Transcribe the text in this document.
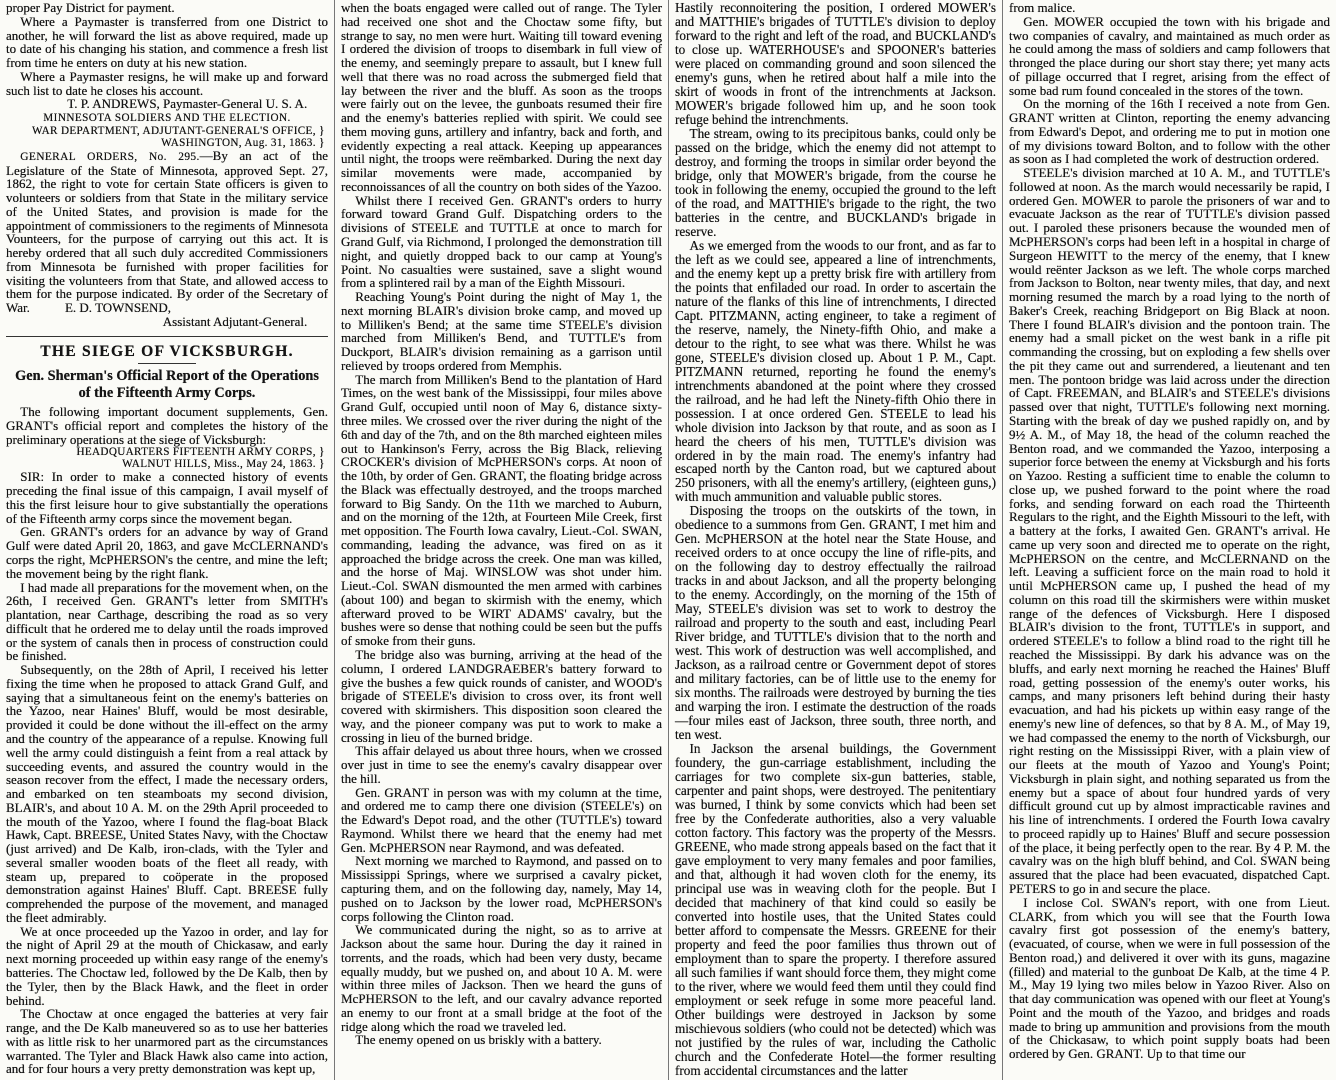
proper Pay District for payment.

Where a Paymaster is transferred from one District to another, he will forward the list as above required, made up to date of his changing his station, and commence a fresh list from time he enters on duty at his new station.

Where a Paymaster resigns, he will make up and forward such list to date he closes his account.

T. P. ANDREWS, Paymaster-General U. S. A.

MINNESOTA SOLDIERS AND THE ELECTION.

WAR DEPARTMENT, ADJUTANT-GENERAL'S OFFICE, }

WASHINGTON, Aug. 31, 1863. }

GENERAL ORDERS, No. 295.—By an act of the Legislature of the State of Minnesota, approved Sept. 27, 1862, the right to vote for certain State officers is given to volunteers or soldiers from that State in the military service of the United States, and provision is made for the appointment of commissioners to the regiments of Minnesota Vounteers, for the purpose of carrying out this act. It is hereby ordered that all such duly accredited Commissioners from Minnesota be furnished with proper facilities for visiting the volunteers from that State, and allowed access to them for the purpose indicated. By order of the Secretary of War.	E. D. TOWNSEND,

Assistant Adjutant-General.

THE SIEGE OF VICKSBURGH.

Gen. Sherman's Official Report of the Operations of the Fifteenth Army Corps.

The following important document supplements, Gen. GRANT's official report and completes the history of the preliminary operations at the siege of Vicksburgh:

HEADQUARTERS FIFTEENTH ARMY CORPS, }

WALNUT HILLS, Miss., May 24, 1863. }

SIR: In order to make a connected history of events preceding the final issue of this campaign, I avail myself of this the first leisure hour to give substantially the operations of the Fifteenth army corps since the movement began.

Gen. GRANT's orders for an advance by way of Grand Gulf were dated April 20, 1863, and gave McCLERNAND's corps the right, McPHERSON's the centre, and mine the left; the movement being by the right flank.

I had made all preparations for the movement when, on the 26th, I received Gen. GRANT's letter from SMITH's plantation, near Carthage, describing the road as so very difficult that he ordered me to delay until the roads improved or the system of canals then in process of construction could be finished.

Subsequently, on the 28th of April, I received his letter fixing the time when he proposed to attack Grand Gulf, and saying that a simultaneous feint on the enemy's batteries on the Yazoo, near Haines' Bluff, would be most desirable, provided it could be done without the ill-effect on the army and the country of the appearance of a repulse. Knowing full well the army could distinguish a feint from a real attack by succeeding events, and assured the country would in the season recover from the effect, I made the necessary orders, and embarked on ten steamboats my second division, BLAIR's, and about 10 A. M. on the 29th April proceeded to the mouth of the Yazoo, where I found the flag-boat Black Hawk, Capt. BREESE, United States Navy, with the Choctaw (just arrived) and De Kalb, iron-clads, with the Tyler and several smaller wooden boats of the fleet all ready, with steam up, prepared to coöperate in the proposed demonstration against Haines' Bluff. Capt. BREESE fully comprehended the purpose of the movement, and managed the fleet admirably.

We at once proceeded up the Yazoo in order, and lay for the night of April 29 at the mouth of Chickasaw, and early next morning proceeded up within easy range of the enemy's batteries. The Choctaw led, followed by the De Kalb, then by the Tyler, then by the Black Hawk, and the fleet in order behind.

The Choctaw at once engaged the batteries at very fair range, and the De Kalb maneuvered so as to use her batteries with as little risk to her unarmored part as the circumstances warranted. The Tyler and Black Hawk also came into action, and for four hours a very pretty demonstration was kept up,

when the boats engaged were called out of range. The Tyler had received one shot and the Choctaw some fifty, but strange to say, no men were hurt. Waiting till toward evening I ordered the division of troops to disembark in full view of the enemy, and seemingly prepare to assault, but I knew full well that there was no road across the submerged field that lay between the river and the bluff. As soon as the troops were fairly out on the levee, the gunboats resumed their fire and the enemy's batteries replied with spirit. We could see them moving guns, artillery and infantry, back and forth, and evidently expecting a real attack. Keeping up appearances until night, the troops were reëmbarked. During the next day similar movements were made, accompanied by reconnoissances of all the country on both sides of the Yazoo.

Whilst there I received Gen. GRANT's orders to hurry forward toward Grand Gulf. Dispatching orders to the divisions of STEELE and TUTTLE at once to march for Grand Gulf, via Richmond, I prolonged the demonstration till night, and quietly dropped back to our camp at Young's Point. No casualties were sustained, save a slight wound from a splintered rail by a man of the Eighth Missouri.

Reaching Young's Point during the night of May 1, the next morning BLAIR's division broke camp, and moved up to Milliken's Bend; at the same time STEELE's division marched from Milliken's Bend, and TUTTLE's from Duckport, BLAIR's division remaining as a garrison until relieved by troops ordered from Memphis.

The march from Milliken's Bend to the plantation of Hard Times, on the west bank of the Mississippi, four miles above Grand Gulf, occupied until noon of May 6, distance sixty-three miles. We crossed over the river during the night of the 6th and day of the 7th, and on the 8th marched eighteen miles out to Hankinson's Ferry, across the Big Black, relieving CROCKER's division of McPHERSON's corps. At noon of the 10th, by order of Gen. GRANT, the floating bridge across the Black was effectually destroyed, and the troops marched forward to Big Sandy. On the 11th we marched to Auburn, and on the morning of the 12th, at Fourteen Mile Creek, first met opposition. The Fourth Iowa cavalry, Lieut.-Col. SWAN, commanding, leading the advance, was fired on as it approached the bridge across the creek. One man was killed, and the horse of Maj. WINSLOW was shot under him. Lieut.-Col. SWAN dismounted the men armed with carbines (about 100) and began to skirmish with the enemy, which afterward proved to be WIRT ADAMS' cavalry, but the bushes were so dense that nothing could be seen but the puffs of smoke from their guns.

The bridge also was burning, arriving at the head of the column, I ordered LANDGRAEBER's battery forward to give the bushes a few quick rounds of canister, and WOOD's brigade of STEELE's division to cross over, its front well covered with skirmishers. This disposition soon cleared the way, and the pioneer company was put to work to make a crossing in lieu of the burned bridge.

This affair delayed us about three hours, when we crossed over just in time to see the enemy's cavalry disappear over the hill.

Gen. GRANT in person was with my column at the time, and ordered me to camp there one division (STEELE's) on the Edward's Depot road, and the other (TUTTLE's) toward Raymond. Whilst there we heard that the enemy had met Gen. McPHERSON near Raymond, and was defeated.

Next morning we marched to Raymond, and passed on to Mississippi Springs, where we surprised a cavalry picket, capturing them, and on the following day, namely, May 14, pushed on to Jackson by the lower road, McPHERSON's corps following the Clinton road.

We communicated during the night, so as to arrive at Jackson about the same hour. During the day it rained in torrents, and the roads, which had been very dusty, became equally muddy, but we pushed on, and about 10 A. M. were within three miles of Jackson. Then we heard the guns of McPHERSON to the left, and our cavalry advance reported an enemy to our front at a small bridge at the foot of the ridge along which the road we traveled led.

The enemy opened on us briskly with a battery.

Hastily reconnoitering the position, I ordered MOWER's and MATTHIE's brigades of TUTTLE's division to deploy forward to the right and left of the road, and BUCKLAND's to close up. WATERHOUSE's and SPOONER's batteries were placed on commanding ground and soon silenced the enemy's guns, when he retired about half a mile into the skirt of woods in front of the intrenchments at Jackson. MOWER's brigade followed him up, and he soon took refuge behind the intrenchments.

The stream, owing to its precipitous banks, could only be passed on the bridge, which the enemy did not attempt to destroy, and forming the troops in similar order beyond the bridge, only that MOWER's brigade, from the course he took in following the enemy, occupied the ground to the left of the road, and MATTHIE's brigade to the right, the two batteries in the centre, and BUCKLAND's brigade in reserve.

As we emerged from the woods to our front, and as far to the left as we could see, appeared a line of intrenchments, and the enemy kept up a pretty brisk fire with artillery from the points that enfiladed our road. In order to ascertain the nature of the flanks of this line of intrenchments, I directed Capt. PITZMANN, acting engineer, to take a regiment of the reserve, namely, the Ninety-fifth Ohio, and make a detour to the right, to see what was there. Whilst he was gone, STEELE's division closed up. About 1 P. M., Capt. PITZMANN returned, reporting he found the enemy's intrenchments abandoned at the point where they crossed the railroad, and he had left the Ninety-fifth Ohio there in possession. I at once ordered Gen. STEELE to lead his whole division into Jackson by that route, and as soon as I heard the cheers of his men, TUTTLE's division was ordered in by the main road. The enemy's infantry had escaped north by the Canton road, but we captured about 250 prisoners, with all the enemy's artillery, (eighteen guns,) with much ammunition and valuable public stores.

Disposing the troops on the outskirts of the town, in obedience to a summons from Gen. GRANT, I met him and Gen. McPHERSON at the hotel near the State House, and received orders to at once occupy the line of rifle-pits, and on the following day to destroy effectually the railroad tracks in and about Jackson, and all the property belonging to the enemy. Accordingly, on the morning of the 15th of May, STEELE's division was set to work to destroy the railroad and property to the south and east, including Pearl River bridge, and TUTTLE's division that to the north and west. This work of destruction was well accomplished, and Jackson, as a railroad centre or Government depot of stores and military factories, can be of little use to the enemy for six months. The railroads were destroyed by burning the ties and warping the iron. I estimate the destruction of the roads—four miles east of Jackson, three south, three north, and ten west.

In Jackson the arsenal buildings, the Government foundery, the gun-carriage establishment, including the carriages for two complete six-gun batteries, stable, carpenter and paint shops, were destroyed. The penitentiary was burned, I think by some convicts which had been set free by the Confederate authorities, also a very valuable cotton factory. This factory was the property of the Messrs. GREENE, who made strong appeals based on the fact that it gave employment to very many females and poor families, and that, although it had woven cloth for the enemy, its principal use was in weaving cloth for the people. But I decided that machinery of that kind could so easily be converted into hostile uses, that the United States could better afford to compensate the Messrs. GREENE for their property and feed the poor families thus thrown out of employment than to spare the property. I therefore assured all such families if want should force them, they might come to the river, where we would feed them until they could find employment or seek refuge in some more peaceful land. Other buildings were destroyed in Jackson by some mischievous soldiers (who could not be detected) which was not justified by the rules of war, including the Catholic church and the Confederate Hotel—the former resulting from accidental circumstances and the latter

from malice.

Gen. MOWER occupied the town with his brigade and two companies of cavalry, and maintained as much order as he could among the mass of soldiers and camp followers that thronged the place during our short stay there; yet many acts of pillage occurred that I regret, arising from the effect of some bad rum found concealed in the stores of the town.

On the morning of the 16th I received a note from Gen. GRANT written at Clinton, reporting the enemy advancing from Edward's Depot, and ordering me to put in motion one of my divisions toward Bolton, and to follow with the other as soon as I had completed the work of destruction ordered.

STEELE's division marched at 10 A. M., and TUTTLE's followed at noon. As the march would necessarily be rapid, I ordered Gen. MOWER to parole the prisoners of war and to evacuate Jackson as the rear of TUTTLE's division passed out. I paroled these prisoners because the wounded men of McPHERSON's corps had been left in a hospital in charge of Surgeon HEWITT to the mercy of the enemy, that I knew would reënter Jackson as we left. The whole corps marched from Jackson to Bolton, near twenty miles, that day, and next morning resumed the march by a road lying to the north of Baker's Creek, reaching Bridgeport on Big Black at noon. There I found BLAIR's division and the pontoon train. The enemy had a small picket on the west bank in a rifle pit commanding the crossing, but on exploding a few shells over the pit they came out and surrendered, a lieutenant and ten men. The pontoon bridge was laid across under the direction of Capt. FREEMAN, and BLAIR's and STEELE's divisions passed over that night, TUTTLE's following next morning. Starting with the break of day we pushed rapidly on, and by 9½ A. M., of May 18, the head of the column reached the Benton road, and we commanded the Yazoo, interposing a superior force between the enemy at Vicksburgh and his forts on Yazoo. Resting a sufficient time to enable the column to close up, we pushed forward to the point where the road forks, and sending forward on each road the Thirteenth Regulars to the right, and the Eighth Missouri to the left, with a battery at the forks, I awaited Gen. GRANT's arrival. He came up very soon and directed me to operate on the right, McPHERSON on the centre, and McCLERNAND on the left. Leaving a sufficient force on the main road to hold it until McPHERSON came up, I pushed the head of my column on this road till the skirmishers were within musket range of the defences of Vicksburgh. Here I disposed BLAIR's division to the front, TUTTLE's in support, and ordered STEELE's to follow a blind road to the right till he reached the Mississippi. By dark his advance was on the bluffs, and early next morning he reached the Haines' Bluff road, getting possession of the enemy's outer works, his camps, and many prisoners left behind during their hasty evacuation, and had his pickets up within easy range of the enemy's new line of defences, so that by 8 A. M., of May 19, we had compassed the enemy to the north of Vicksburgh, our right resting on the Mississippi River, with a plain view of our fleets at the mouth of Yazoo and Young's Point; Vicksburgh in plain sight, and nothing separated us from the enemy but a space of about four hundred yards of very difficult ground cut up by almost impracticable ravines and his line of intrenchments. I ordered the Fourth Iowa cavalry to proceed rapidly up to Haines' Bluff and secure possession of the place, it being perfectly open to the rear. By 4 P. M. the cavalry was on the high bluff behind, and Col. SWAN being assured that the place had been evacuated, dispatched Capt. PETERS to go in and secure the place.

I inclose Col. SWAN's report, with one from Lieut. CLARK, from which you will see that the Fourth Iowa cavalry first got possession of the enemy's battery, (evacuated, of course, when we were in full possession of the Benton road,) and delivered it over with its guns, magazine (filled) and material to the gunboat De Kalb, at the time 4 P. M., May 19 lying two miles below in Yazoo River. Also on that day communication was opened with our fleet at Young's Point and the mouth of the Yazoo, and bridges and roads made to bring up ammunition and provisions from the mouth of the Chickasaw, to which point supply boats had been ordered by Gen. GRANT. Up to that time our
